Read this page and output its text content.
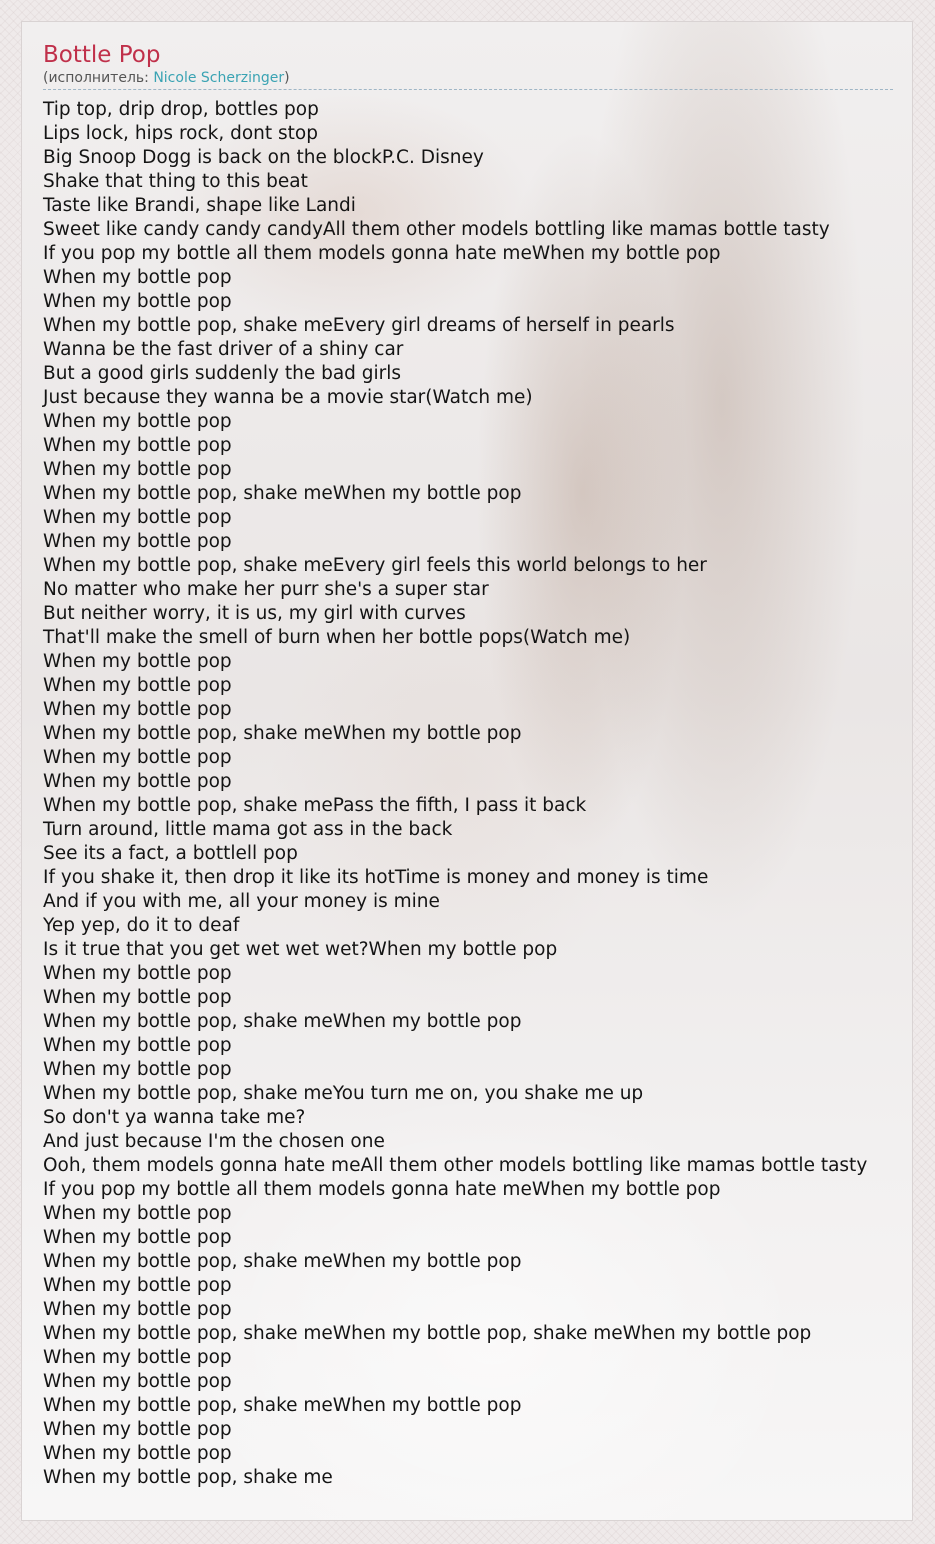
Bottle Pop
(исполнитель: Nicole Scherzinger)
Tip top, drip drop, bottles pop
Lips lock, hips rock, dont stop
Big Snoop Dogg is back on the blockP.C. Disney
Shake that thing to this beat
Taste like Brandi, shape like Landi
Sweet like candy candy candyAll them other models bottling like mamas bottle tasty
If you pop my bottle all them models gonna hate meWhen my bottle pop
When my bottle pop
When my bottle pop
When my bottle pop, shake meEvery girl dreams of herself in pearls
Wanna be the fast driver of a shiny car
But a good girls suddenly the bad girls
Just because they wanna be a movie star(Watch me)
When my bottle pop
When my bottle pop
When my bottle pop
When my bottle pop, shake meWhen my bottle pop
When my bottle pop
When my bottle pop
When my bottle pop, shake meEvery girl feels this world belongs to her
No matter who make her purr she's a super star
But neither worry, it is us, my girl with curves
That'll make the smell of burn when her bottle pops(Watch me)
When my bottle pop
When my bottle pop
When my bottle pop
When my bottle pop, shake meWhen my bottle pop
When my bottle pop
When my bottle pop
When my bottle pop, shake mePass the fifth, I pass it back
Turn around, little mama got ass in the back
See its a fact, a bottlell pop
If you shake it, then drop it like its hotTime is money and money is time
And if you with me, all your money is mine
Yep yep, do it to deaf
Is it true that you get wet wet wet?When my bottle pop
When my bottle pop
When my bottle pop
When my bottle pop, shake meWhen my bottle pop
When my bottle pop
When my bottle pop
When my bottle pop, shake meYou turn me on, you shake me up
So don't ya wanna take me?
And just because I'm the chosen one
Ooh, them models gonna hate meAll them other models bottling like mamas bottle tasty
If you pop my bottle all them models gonna hate meWhen my bottle pop
When my bottle pop
When my bottle pop
When my bottle pop, shake meWhen my bottle pop
When my bottle pop
When my bottle pop
When my bottle pop, shake meWhen my bottle pop, shake meWhen my bottle pop
When my bottle pop
When my bottle pop
When my bottle pop, shake meWhen my bottle pop
When my bottle pop
When my bottle pop
When my bottle pop, shake me
